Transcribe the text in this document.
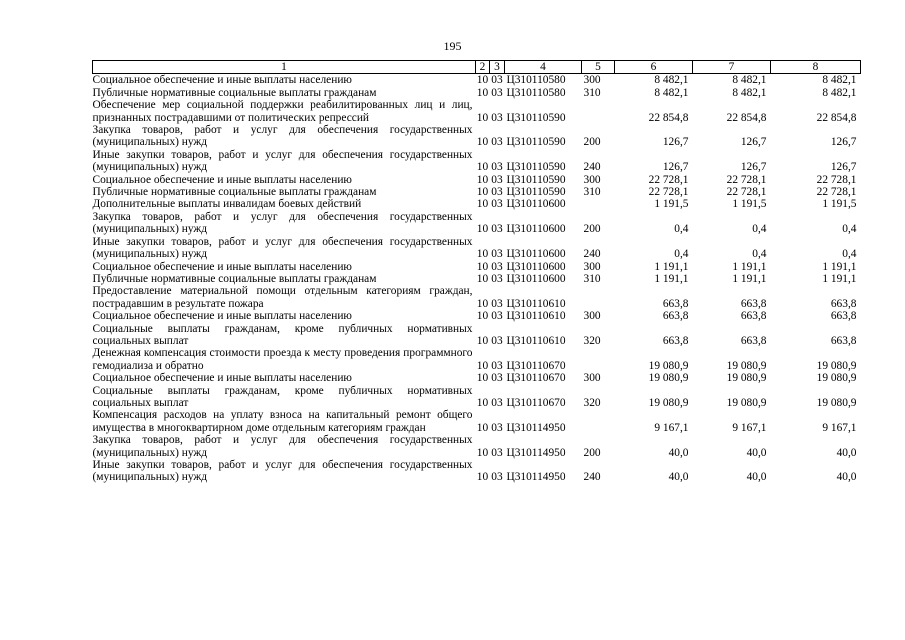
195
1	2	3	4	5	6	7	8
Социальное обеспечение и иные выплаты населению	10	03	Ц310110580	300	8 482,1	8 482,1	8 482,1
Публичные нормативные социальные выплаты гражданам	10	03	Ц310110580	310	8 482,1	8 482,1	8 482,1
Обеспечение мер социальной поддержки реабилитированных лиц и лиц, признанных пострадавшими от политических репрессий	10	03	Ц310110590		22 854,8	22 854,8	22 854,8
Закупка товаров, работ и услуг для обеспечения государственных (муниципальных) нужд	10	03	Ц310110590	200	126,7	126,7	126,7
Иные закупки товаров, работ и услуг для обеспечения государственных (муниципальных) нужд	10	03	Ц310110590	240	126,7	126,7	126,7
Социальное обеспечение и иные выплаты населению	10	03	Ц310110590	300	22 728,1	22 728,1	22 728,1
Публичные нормативные социальные выплаты гражданам	10	03	Ц310110590	310	22 728,1	22 728,1	22 728,1
Дополнительные выплаты инвалидам боевых действий	10	03	Ц310110600		1 191,5	1 191,5	1 191,5
Закупка товаров, работ и услуг для обеспечения государственных (муниципальных) нужд	10	03	Ц310110600	200	0,4	0,4	0,4
Иные закупки товаров, работ и услуг для обеспечения государственных (муниципальных) нужд	10	03	Ц310110600	240	0,4	0,4	0,4
Социальное обеспечение и иные выплаты населению	10	03	Ц310110600	300	1 191,1	1 191,1	1 191,1
Публичные нормативные социальные выплаты гражданам	10	03	Ц310110600	310	1 191,1	1 191,1	1 191,1
Предоставление материальной помощи отдельным категориям граждан, пострадавшим в результате пожара	10	03	Ц310110610		663,8	663,8	663,8
Социальное обеспечение и иные выплаты населению	10	03	Ц310110610	300	663,8	663,8	663,8
Социальные выплаты гражданам, кроме публичных нормативных социальных выплат	10	03	Ц310110610	320	663,8	663,8	663,8
Денежная компенсация стоимости проезда к месту проведения программного гемодиализа и обратно	10	03	Ц310110670		19 080,9	19 080,9	19 080,9
Социальное обеспечение и иные выплаты населению	10	03	Ц310110670	300	19 080,9	19 080,9	19 080,9
Социальные выплаты гражданам, кроме публичных нормативных социальных выплат	10	03	Ц310110670	320	19 080,9	19 080,9	19 080,9
Компенсация расходов на уплату взноса на капитальный ремонт общего имущества в многоквартирном доме отдельным категориям граждан	10	03	Ц310114950		9 167,1	9 167,1	9 167,1
Закупка товаров, работ и услуг для обеспечения государственных (муниципальных) нужд	10	03	Ц310114950	200	40,0	40,0	40,0
Иные закупки товаров, работ и услуг для обеспечения государственных (муниципальных) нужд	10	03	Ц310114950	240	40,0	40,0	40,0
